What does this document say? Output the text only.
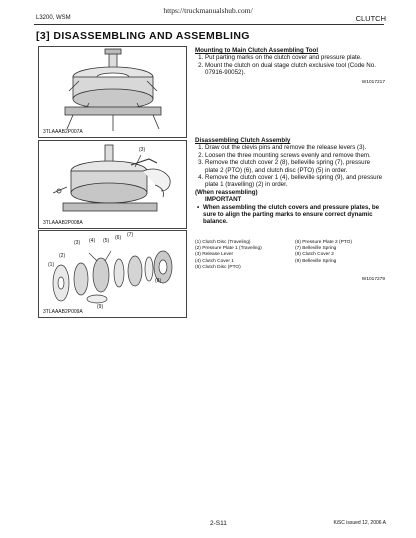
https://truckmanualshub.com/
L3200, WSM	CLUTCH
[3] DISASSEMBLING AND ASSEMBLING
3TLAAAB2P007A
(3)
3TLAAAB2P008A
(1)
(2)
(3) (4) (5) (6) (7)
(8)
(9)
3TLAAAB2P009A
Mounting to Main Clutch Assembling Tool
1. Put parting marks on the clutch cover and pressure plate.
2. Mount the clutch on dual stage clutch exclusive tool (Code No. 07916-90052).
W1017217
Disassembling Clutch Assembly
1. Draw out the clevis pins and remove the release levers (3).
2. Loosen the three mounting screws evenly and remove them.
3. Remove the clutch cover 2 (8), belleville spring (7), pressure plate 2 (PTO) (6), and clutch disc (PTO) (5) in order.
4. Remove the clutch cover 1 (4), belleville spring (9), and pressure plate 1 (travelling) (2) in order.
(When reassembling)
IMPORTANT
• When assembling the clutch covers and pressure plates, be sure to align the parting marks to ensure correct dynamic balance.
(1) Clutch Disc (Traveling)	(6) Pressure Plate 2 (PTO)
(2) Pressure Plate 1 (Traveling)	(7) Belleville Spring
(3) Release Lever	(8) Clutch Cover 2
(4) Clutch Cover 1	(9) Belleville Spring
(5) Clutch Disc (PTO)	
W1017279
2-S11	KiSC issued 12, 2006 A
